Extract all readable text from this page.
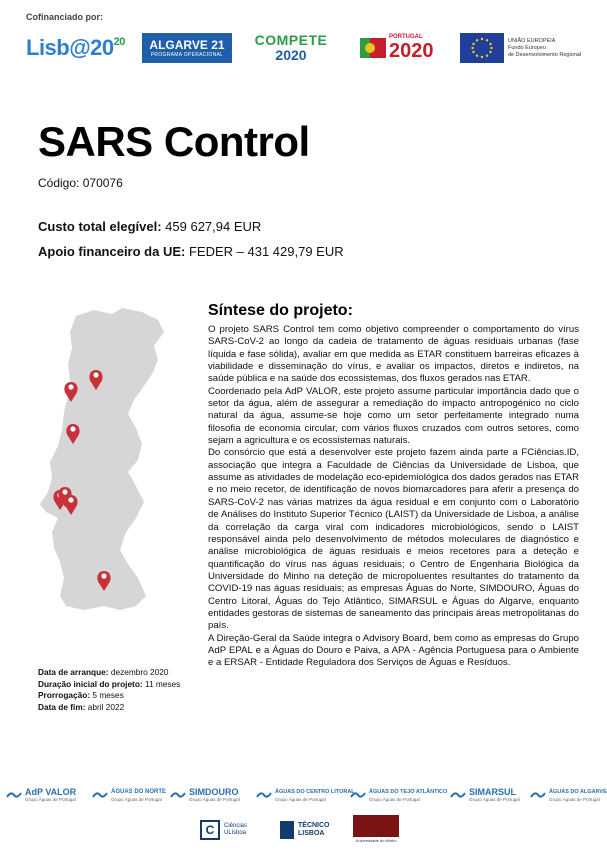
Cofinanciado por:
$Lisb@20^{20}$ ALGARVE 21
PROGRAMA OPERACIONAL
COMPETE
2020
PORTUGAL
2020	UNIÃO EUROPEIA
Fundo Europeu
de Desenvolvimento Regional
SARS Control
Código: 070076
Custo total elegível: 459 627,94 EUR
Apoio financeiro da UE: FEDER – 431 429,79 EUR
Data de arranque: dezembro 2020
Duração inicial do projeto: 11 meses
Prorrogação: 5 meses
Data de fim: abril 2022
Síntese do projeto:

O projeto SARS Control tem como objetivo compreender o comportamento do vírus SARS-CoV-2 ao longo da cadeia de tratamento de águas residuais urbanas (fase líquida e fase sólida), avaliar em que medida as ETAR constituem barreiras eficazes à viabilidade e disseminação do vírus, e avaliar os impactos, diretos e indiretos, na saúde pública e na saúde dos ecossistemas, dos fluxos gerados nas ETAR.

Coordenado pela AdP VALOR, este projeto assume particular importância dado que o setor da água, além de assegurar a remediação do impacto antropogénico no ciclo natural da água, assume-se hoje como um setor perfeitamente integrado numa filosofia de economia circular, com vários fluxos cruzados com outros setores, como sejam a agricultura e os ecossistemas naturais.

Do consórcio que está a desenvolver este projeto fazem ainda parte a FCiências.ID, associação que integra a Faculdade de Ciências da Universidade de Lisboa, que assume as atividades de modelação eco-epidemiológica dos dados gerados nas ETAR e no meio recetor, de identificação de novos biomarcadores para aferir a presença do SARS-CoV-2 nas várias matrizes da água residual e em conjunto com o Laboratório de Análises do Instituto Superior Técnico (LAIST) da Universidade de Lisboa, a análise da correlação da carga viral com indicadores microbiológicos, sendo o LAIST responsável ainda pelo desenvolvimento de métodos moleculares de diagnóstico e análise microbiológica de águas residuais e meios recetores para a deteção e quantificação do vírus nas águas residuais; o Centro de Engenharia Biológica da Universidade do Minho na deteção de micropoluentes resultantes do tratamento da COVID-19 nas águas residuais; as empresas Águas do Norte, SIMDOURO, Águas do Centro Litoral, Águas do Tejo Atlântico, SIMARSUL e Águas do Algarve, enquanto entidades gestoras de sistemas de saneamento das principais áreas metropolitanas do país.

A Direção-Geral da Saúde integra o Advisory Board, bem como as empresas do Grupo AdP EPAL e a Águas do Douro e Paiva, a APA - Agência Portuguesa para o Ambiente e a ERSAR - Entidade Reguladora dos Serviços de Águas e Resíduos.

AdP VALOR
Grupo Águas de Portugal
ÁGUAS DO NORTE
Grupo Águas de Portugal
SIMDOURO
Grupo Águas de Portugal
ÁGUAS DO CENTRO LITORAL
Grupo Águas de Portugal
ÁGUAS DO TEJO ATLÂNTICO
Grupo Águas de Portugal
SIMARSUL
Grupo Águas de Portugal
ÁGUAS DO ALGARVE
Grupo Águas de Portugal
C	Ciências
ULisboa
TÉCNICO
LISBOA
Universidade do Minho
